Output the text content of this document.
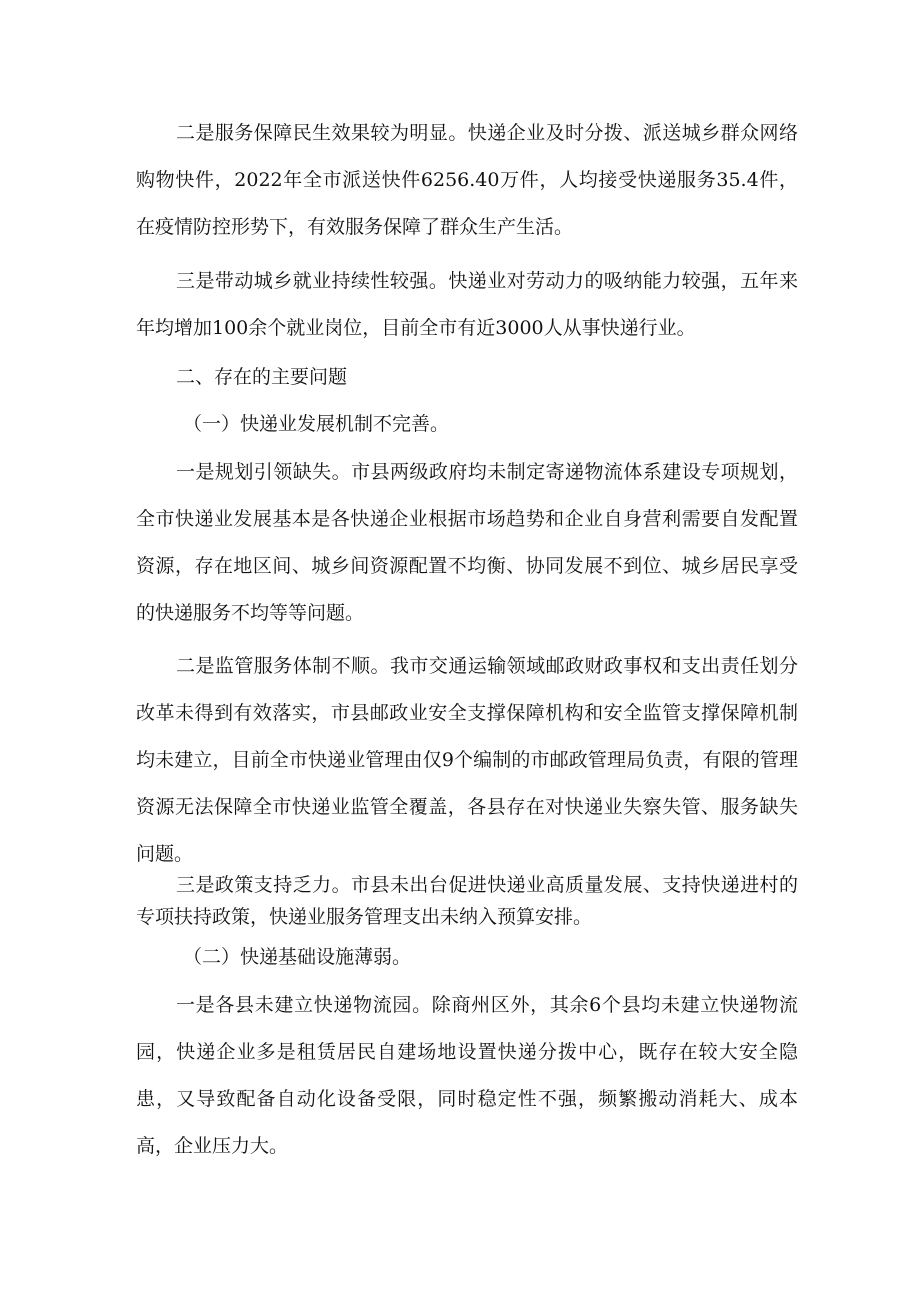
二是服务保障民生效果较为明显。快递企业及时分拨、派送城乡群众网络购物快件，2022年全市派送快件6256.40万件，人均接受快递服务35.4件，在疫情防控形势下，有效服务保障了群众生产生活。

三是带动城乡就业持续性较强。快递业对劳动力的吸纳能力较强，五年来年均增加100余个就业岗位，目前全市有近3000人从事快递行业。

二、存在的主要问题

（一）快递业发展机制不完善。

一是规划引领缺失。市县两级政府均未制定寄递物流体系建设专项规划，全市快递业发展基本是各快递企业根据市场趋势和企业自身营利需要自发配置资源，存在地区间、城乡间资源配置不均衡、协同发展不到位、城乡居民享受的快递服务不均等等问题。

二是监管服务体制不顺。我市交通运输领域邮政财政事权和支出责任划分改革未得到有效落实，市县邮政业安全支撑保障机构和安全监管支撑保障机制均未建立，目前全市快递业管理由仅9个编制的市邮政管理局负责，有限的管理资源无法保障全市快递业监管全覆盖，各县存在对快递业失察失管、服务缺失问题。

三是政策支持乏力。市县未出台促进快递业高质量发展、支持快递进村的专项扶持政策，快递业服务管理支出未纳入预算安排。

（二）快递基础设施薄弱。

一是各县未建立快递物流园。除商州区外，其余6个县均未建立快递物流园，快递企业多是租赁居民自建场地设置快递分拨中心，既存在较大安全隐患，又导致配备自动化设备受限，同时稳定性不强，频繁搬动消耗大、成本高，企业压力大。
